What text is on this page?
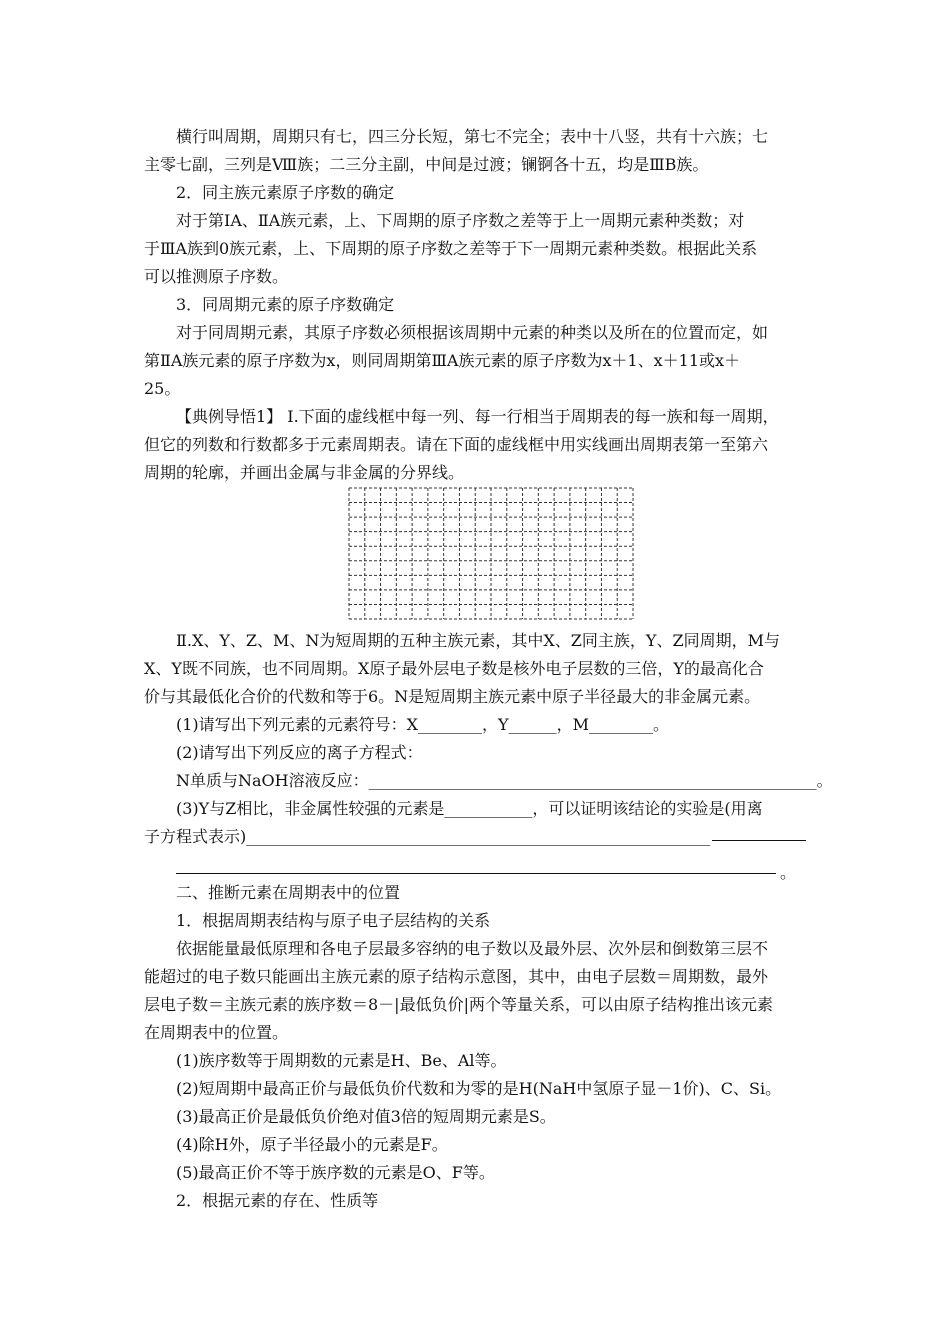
横行叫周期，周期只有七，四三分长短，第七不完全；表中十八竖，共有十六族；七
主零七副，三列是Ⅷ族；二三分主副，中间是过渡；镧锕各十五，均是ⅢB族。
2．同主族元素原子序数的确定
对于第ⅠA、ⅡA族元素，上、下周期的原子序数之差等于上一周期元素种类数；对
于ⅢA族到0族元素，上、下周期的原子序数之差等于下一周期元素种类数。根据此关系
可以推测原子序数。
3．同周期元素的原子序数确定
对于同周期元素，其原子序数必须根据该周期中元素的种类以及所在的位置而定，如
第ⅡA族元素的原子序数为x，则同周期第ⅢA族元素的原子序数为x＋1、x＋11或x＋
25。
【典例导悟1】 Ⅰ.下面的虚线框中每一列、每一行相当于周期表的每一族和每一周期，
但它的列数和行数都多于元素周期表。请在下面的虚线框中用实线画出周期表第一至第六
周期的轮廓，并画出金属与非金属的分界线。
Ⅱ.X、Y、Z、M、N为短周期的五种主族元素，其中X、Z同主族，Y、Z同周期，M与
X、Y既不同族，也不同周期。X原子最外层电子数是核外电子层数的三倍，Y的最高化合
价与其最低化合价的代数和等于6。N是短周期主族元素中原子半径最大的非金属元素。
(1)请写出下列元素的元素符号：X________，Y______，M________。
(2)请写出下列反应的离子方程式：
N单质与NaOH溶液反应：________________________________________________________。
(3)Y与Z相比，非金属性较强的元素是___________，可以证明该结论的实验是(用离
子方程式表示)__________________________________________________________
。
二、推断元素在周期表中的位置
1．根据周期表结构与原子电子层结构的关系
依据能量最低原理和各电子层最多容纳的电子数以及最外层、次外层和倒数第三层不
能超过的电子数只能画出主族元素的原子结构示意图，其中，由电子层数＝周期数，最外
层电子数＝主族元素的族序数＝8－|最低负价|两个等量关系，可以由原子结构推出该元素
在周期表中的位置。
(1)族序数等于周期数的元素是H、Be、Al等。
(2)短周期中最高正价与最低负价代数和为零的是H(NaH中氢原子显－1价)、C、Si。
(3)最高正价是最低负价绝对值3倍的短周期元素是S。
(4)除H外，原子半径最小的元素是F。
(5)最高正价不等于族序数的元素是O、F等。
2．根据元素的存在、性质等
